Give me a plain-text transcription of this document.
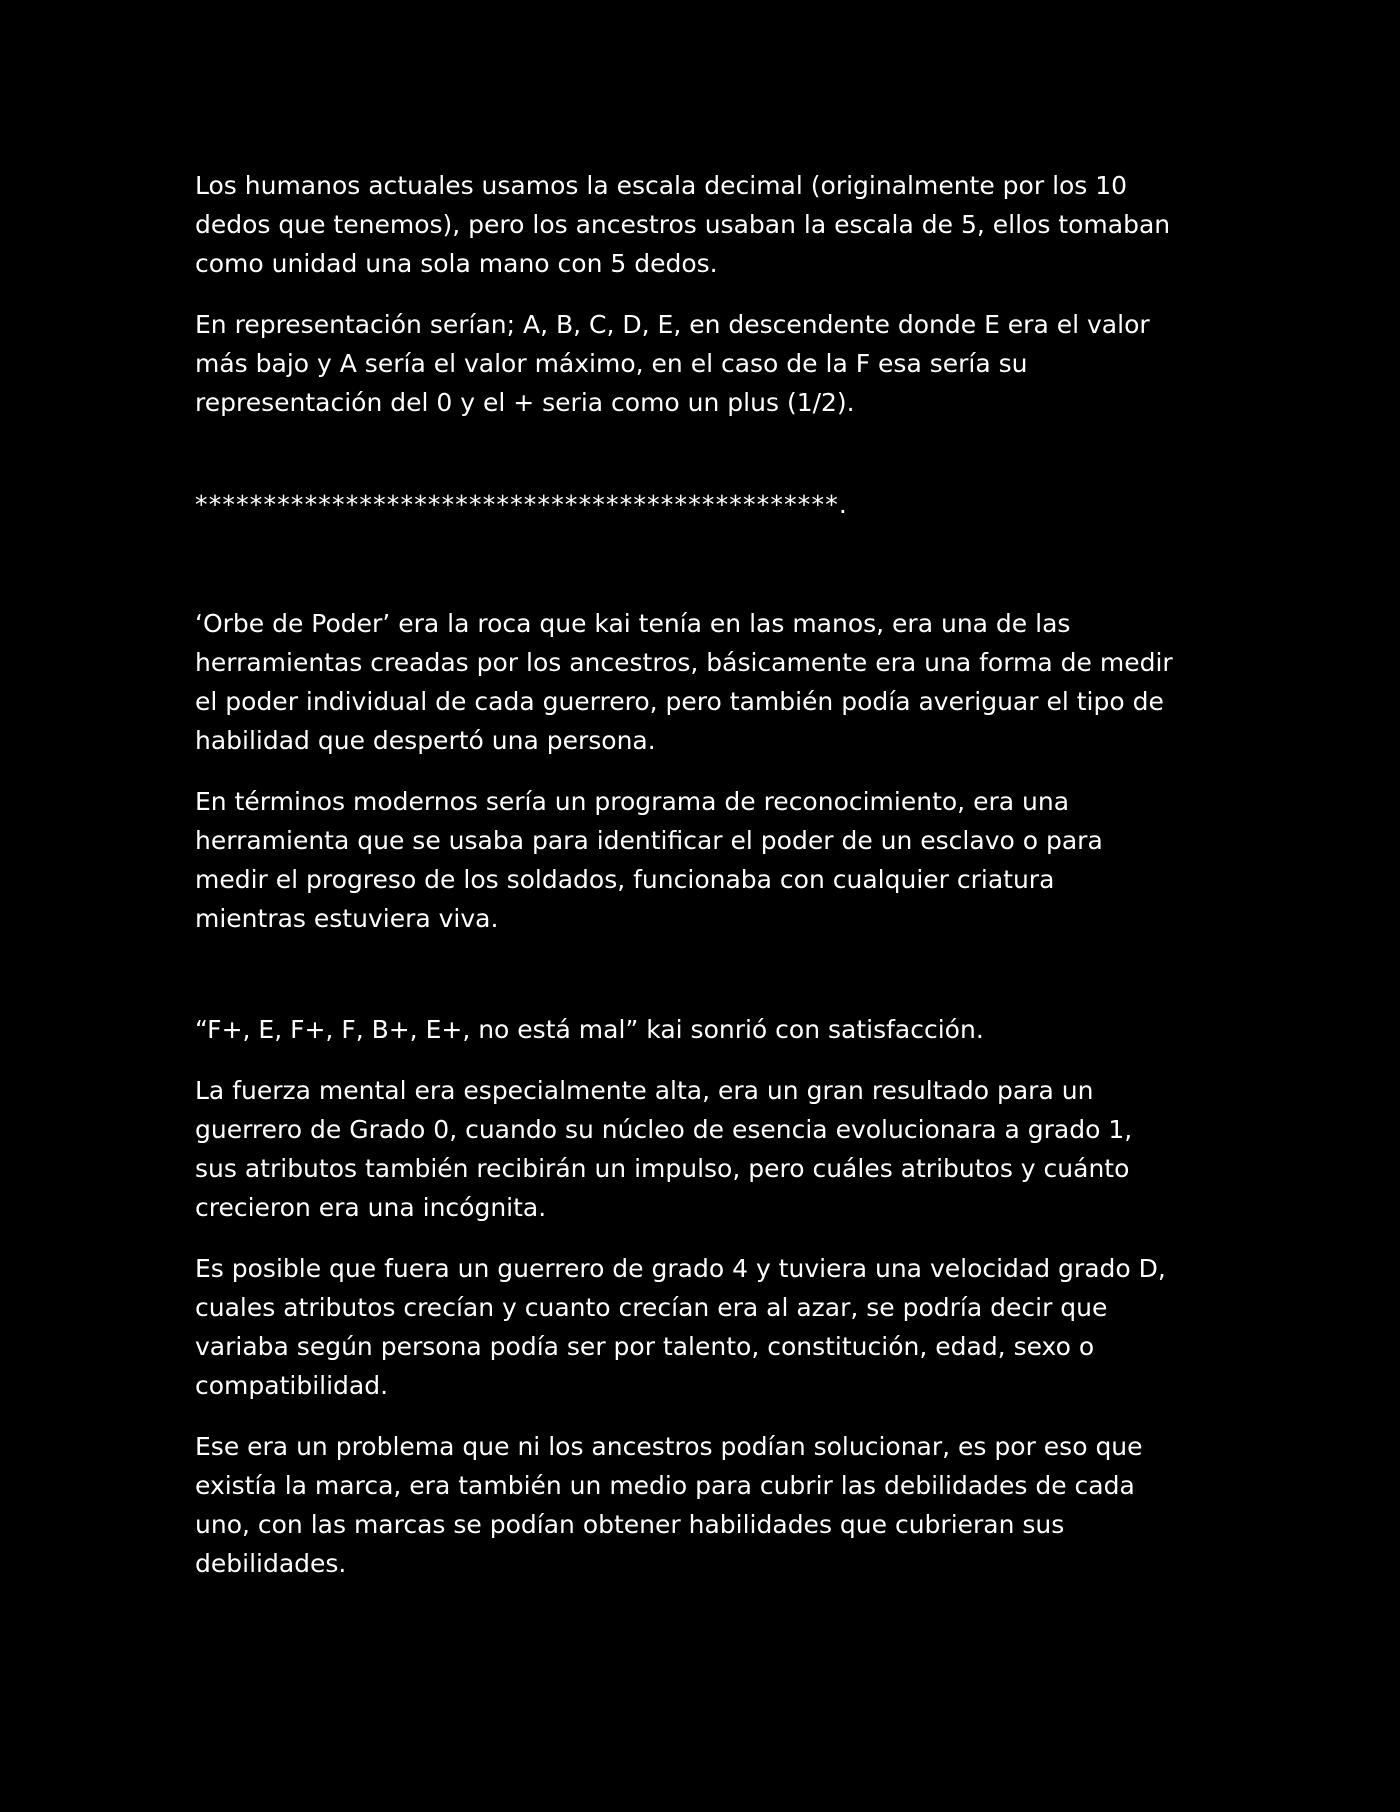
Los humanos actuales usamos la escala decimal (originalmente por los 10
dedos que tenemos), pero los ancestros usaban la escala de 5, ellos tomaban
como unidad una sola mano con 5 dedos.

En representación serían; A, B, C, D, E, en descendente donde E era el valor
más bajo y A sería el valor máximo, en el caso de la F esa sería su
representación del 0 y el + seria como un plus (1/2).

***********************************************.

‘Orbe de Poder’ era la roca que kai tenía en las manos, era una de las
herramientas creadas por los ancestros, básicamente era una forma de medir
el poder individual de cada guerrero, pero también podía averiguar el tipo de
habilidad que despertó una persona.

En términos modernos sería un programa de reconocimiento, era una
herramienta que se usaba para identificar el poder de un esclavo o para
medir el progreso de los soldados, funcionaba con cualquier criatura
mientras estuviera viva.

“F+, E, F+, F, B+, E+, no está mal” kai sonrió con satisfacción.

La fuerza mental era especialmente alta, era un gran resultado para un
guerrero de Grado 0, cuando su núcleo de esencia evolucionara a grado 1,
sus atributos también recibirán un impulso, pero cuáles atributos y cuánto
crecieron era una incógnita.

Es posible que fuera un guerrero de grado 4 y tuviera una velocidad grado D,
cuales atributos crecían y cuanto crecían era al azar, se podría decir que
variaba según persona podía ser por talento, constitución, edad, sexo o
compatibilidad.

Ese era un problema que ni los ancestros podían solucionar, es por eso que
existía la marca, era también un medio para cubrir las debilidades de cada
uno, con las marcas se podían obtener habilidades que cubrieran sus
debilidades.
